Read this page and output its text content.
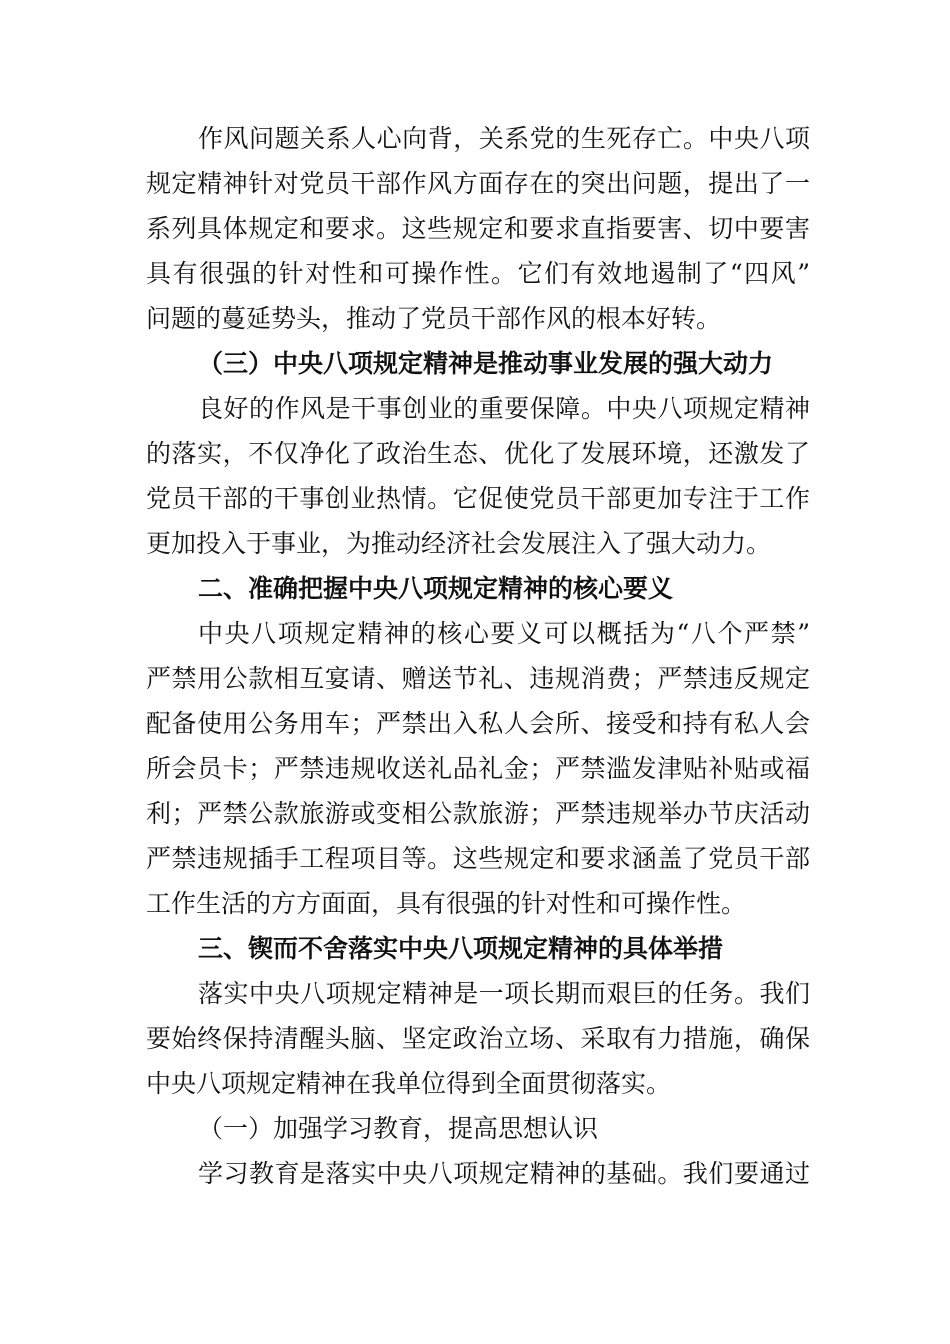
作风问题关系人心向背，关系党的生死存亡。中央八项
规定精神针对党员干部作风方面存在的突出问题，提出了一
系列具体规定和要求。这些规定和要求直指要害、切中要害
具有很强的针对性和可操作性。它们有效地遏制了“四风”
问题的蔓延势头，推动了党员干部作风的根本好转。
（三）中央八项规定精神是推动事业发展的强大动力
良好的作风是干事创业的重要保障。中央八项规定精神
的落实，不仅净化了政治生态、优化了发展环境，还激发了
党员干部的干事创业热情。它促使党员干部更加专注于工作
更加投入于事业，为推动经济社会发展注入了强大动力。
二、准确把握中央八项规定精神的核心要义
中央八项规定精神的核心要义可以概括为“八个严禁”
严禁用公款相互宴请、赠送节礼、违规消费；严禁违反规定
配备使用公务用车；严禁出入私人会所、接受和持有私人会
所会员卡；严禁违规收送礼品礼金；严禁滥发津贴补贴或福
利；严禁公款旅游或变相公款旅游；严禁违规举办节庆活动
严禁违规插手工程项目等。这些规定和要求涵盖了党员干部
工作生活的方方面面，具有很强的针对性和可操作性。
三、锲而不舍落实中央八项规定精神的具体举措
落实中央八项规定精神是一项长期而艰巨的任务。我们
要始终保持清醒头脑、坚定政治立场、采取有力措施，确保
中央八项规定精神在我单位得到全面贯彻落实。
（一）加强学习教育，提高思想认识
学习教育是落实中央八项规定精神的基础。我们要通过
